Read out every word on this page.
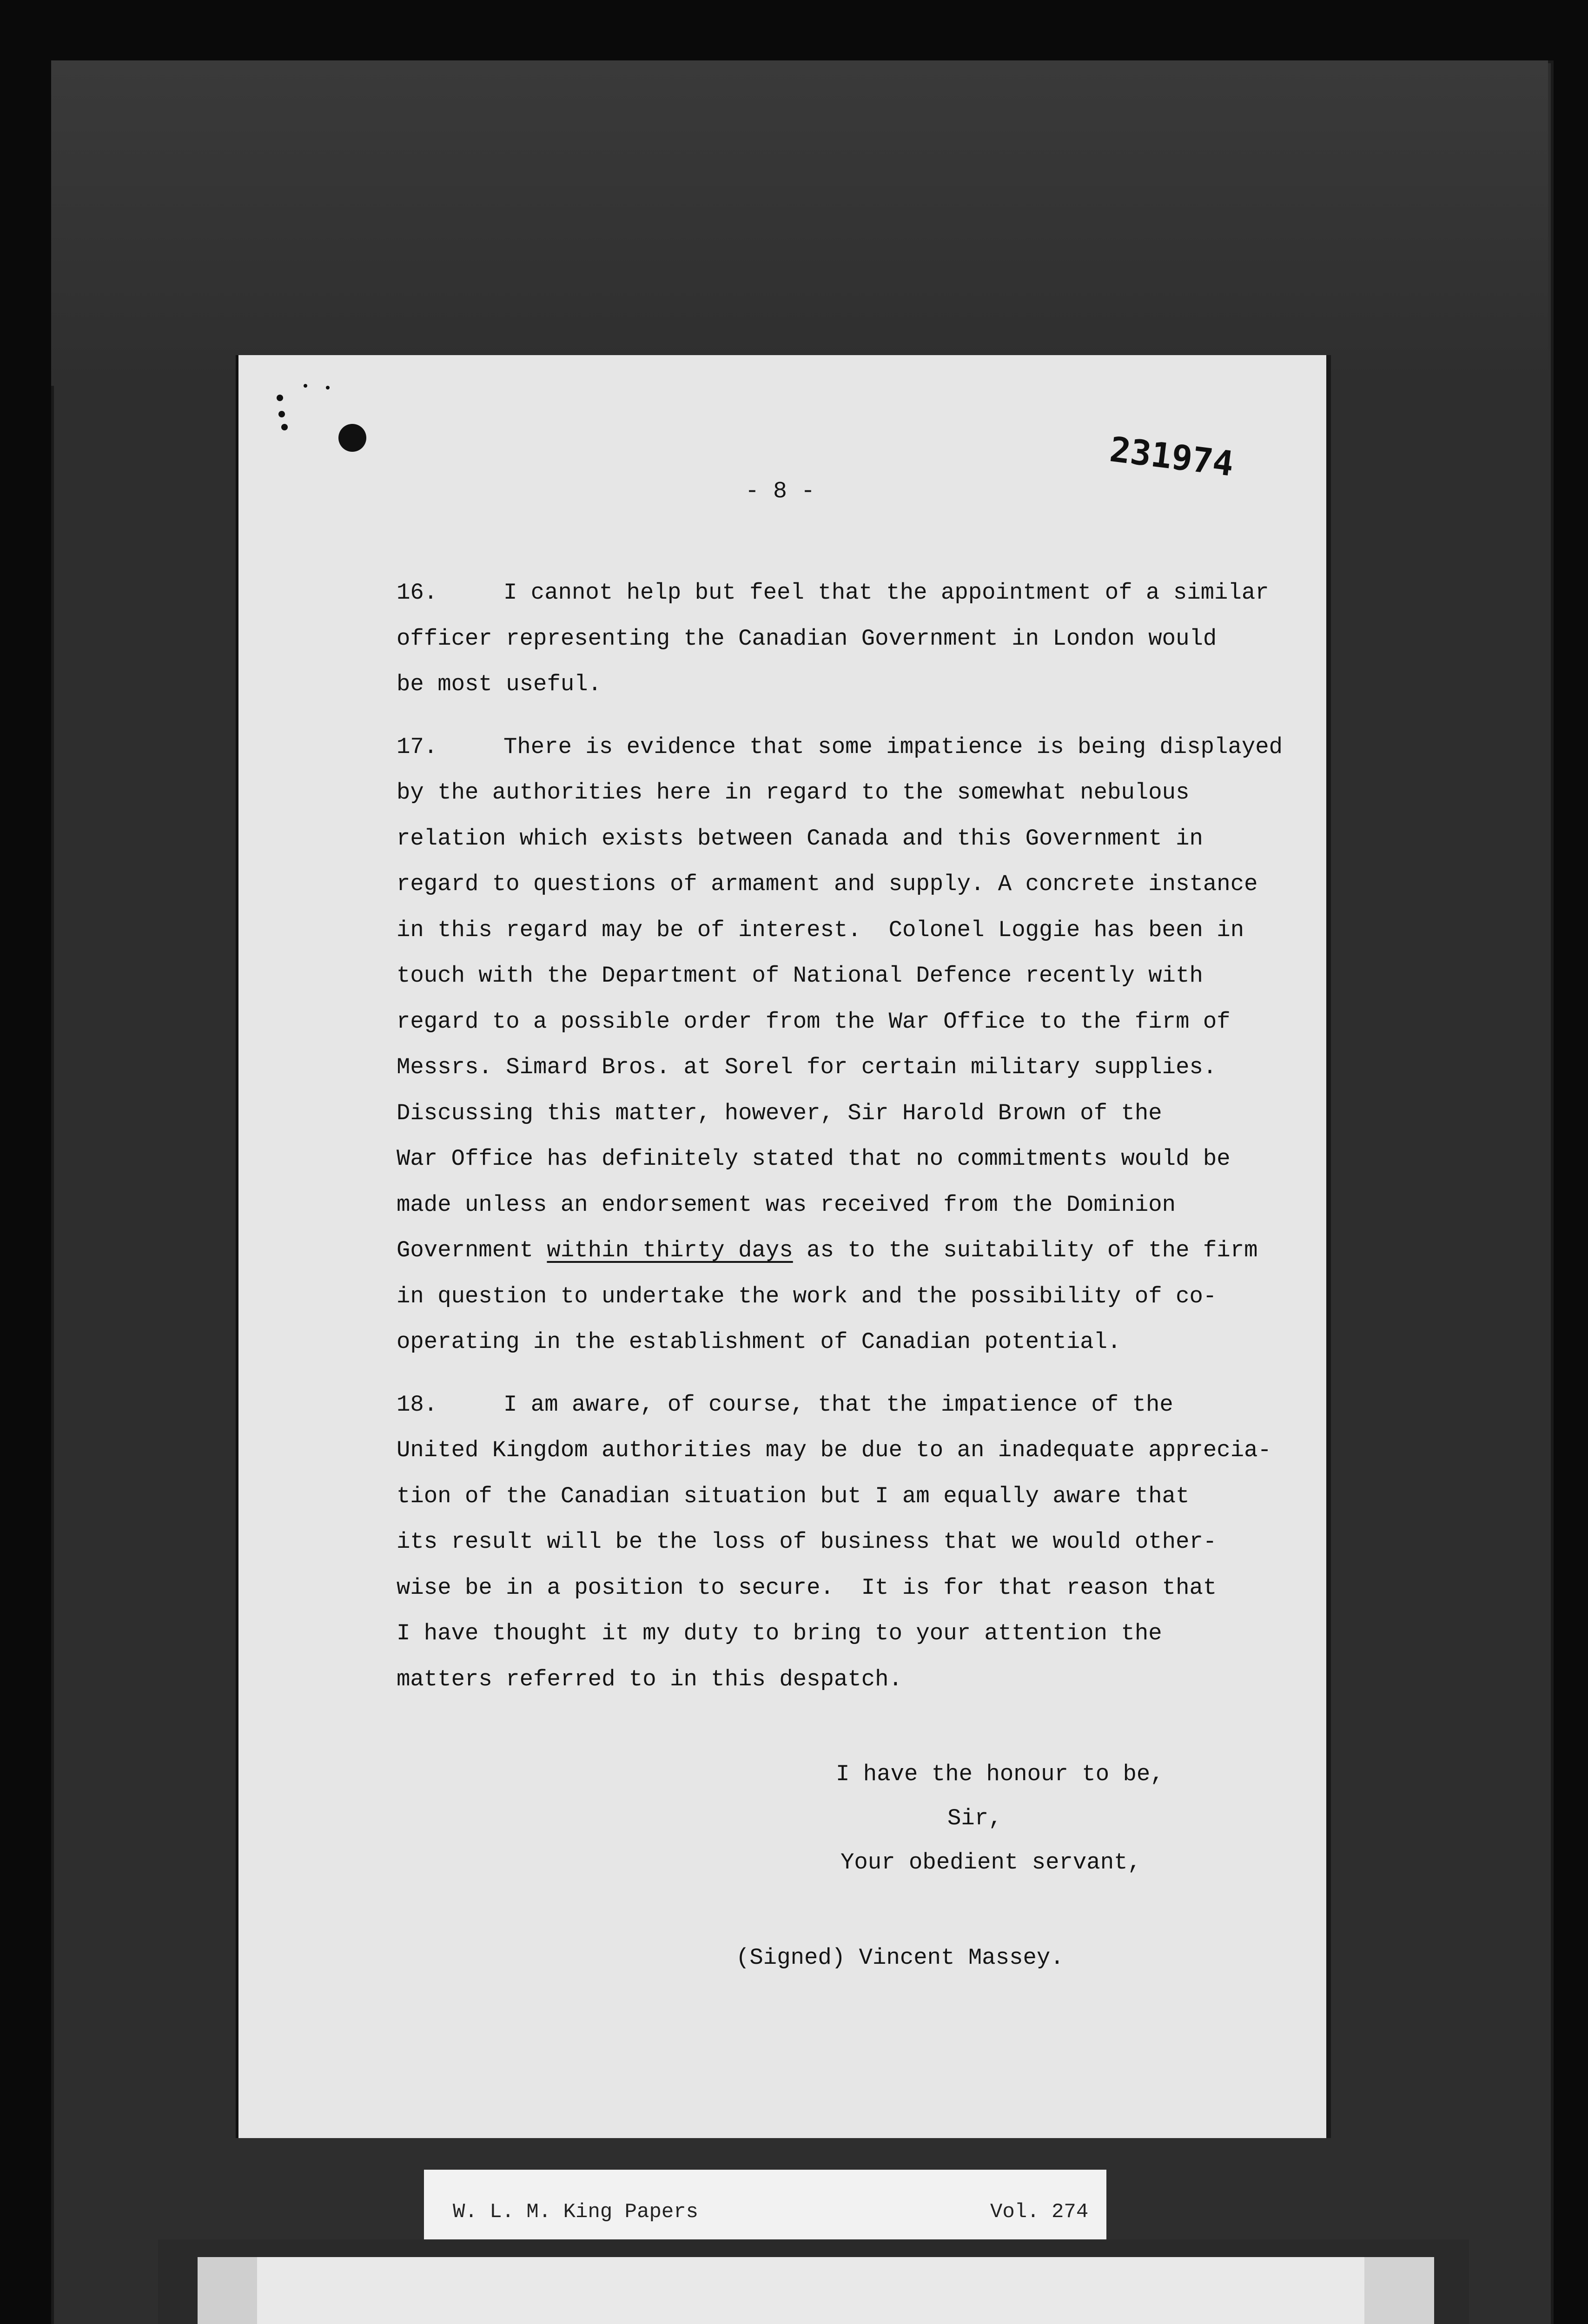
231974
- 8 -
16.	I cannot help but feel that the appointment of a similar
officer representing the Canadian Government in London would
be most useful.
17.	There is evidence that some impatience is being displayed
by the authorities here in regard to the somewhat nebulous
relation which exists between Canada and this Government in
regard to questions of armament and supply. A concrete instance
in this regard may be of interest.  Colonel Loggie has been in
touch with the Department of National Defence recently with
regard to a possible order from the War Office to the firm of
Messrs. Simard Bros. at Sorel for certain military supplies.
Discussing this matter, however, Sir Harold Brown of the
War Office has definitely stated that no commitments would be
made unless an endorsement was received from the Dominion
Government within thirty days as to the suitability of the firm
in question to undertake the work and the possibility of co-
operating in the establishment of Canadian potential.
18.	I am aware, of course, that the impatience of the
United Kingdom authorities may be due to an inadequate apprecia-
tion of the Canadian situation but I am equally aware that
its result will be the loss of business that we would other-
wise be in a position to secure.  It is for that reason that
I have thought it my duty to bring to your attention the
matters referred to in this despatch.
I have the honour to be,
Sir,
Your obedient servant,
(Signed) Vincent Massey.
W. L. M. King Papers	Vol. 274
